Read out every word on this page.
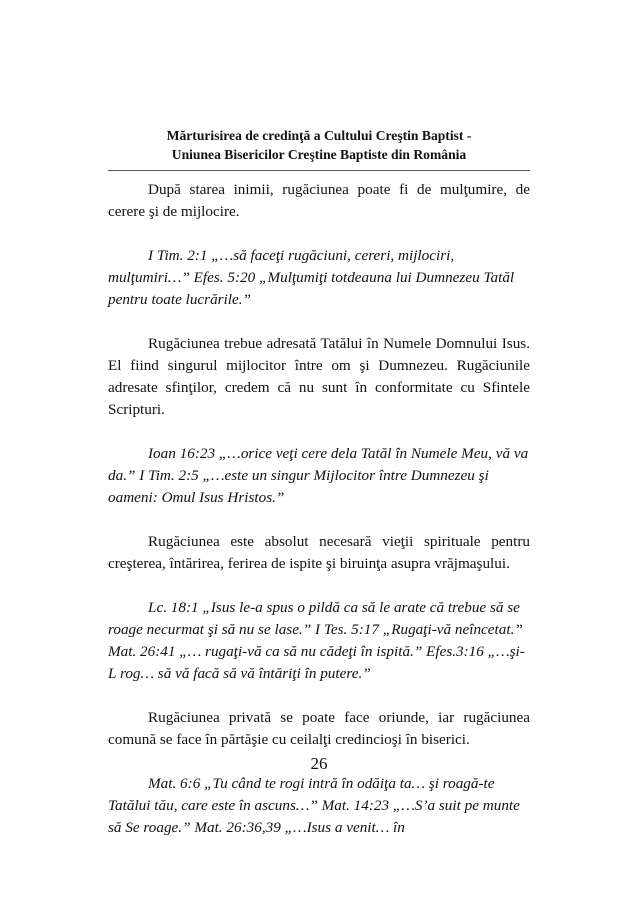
Mărturisirea de credinţă a Cultului Creştin Baptist -
Uniunea Bisericilor Creştine Baptiste din România

După starea inimii, rugăciunea poate fi de mulţumire, de cerere şi de mijlocire.

I Tim. 2:1 „…să faceţi rugăciuni, cereri, mijlociri, mulţumiri…” Efes. 5:20 „Mulţumiţi totdeauna lui Dumnezeu Tatăl pentru toate lucrările.”

Rugăciunea trebue adresată Tatălui în Numele Domnului Isus. El fiind singurul mijlocitor între om şi Dumnezeu. Rugăciunile adresate sfinţilor, credem că nu sunt în conformitate cu Sfintele Scripturi.

Ioan 16:23 „…orice veţi cere dela Tatăl în Numele Meu, vă va da.” I Tim. 2:5 „…este un singur Mijlocitor între Dumnezeu şi oameni: Omul Isus Hristos.”

Rugăciunea este absolut necesară vieţii spirituale pentru creşterea, întărirea, ferirea de ispite şi biruinţa asupra vrăjmaşului.

Lc. 18:1 „Isus le-a spus o pildă ca să le arate că trebue să se roage necurmat şi să nu se lase.” I Tes. 5:17 „Rugaţi-vă neîncetat.” Mat. 26:41 „… rugaţi-vă ca să nu cădeţi în ispită.” Efes.3:16 „…şi-L rog… să vă facă să vă întăriţi în putere.”

Rugăciunea privată se poate face oriunde, iar rugăciunea comună se face în părtăşie cu ceilalţi credincioşi în biserici.

Mat. 6:6 „Tu când te rogi intră în odăiţa ta… şi roagă-te Tatălui tău, care este în ascuns…” Mat. 14:23 „…S’a suit pe munte să Se roage.” Mat. 26:36,39 „…Isus a venit… în

26
